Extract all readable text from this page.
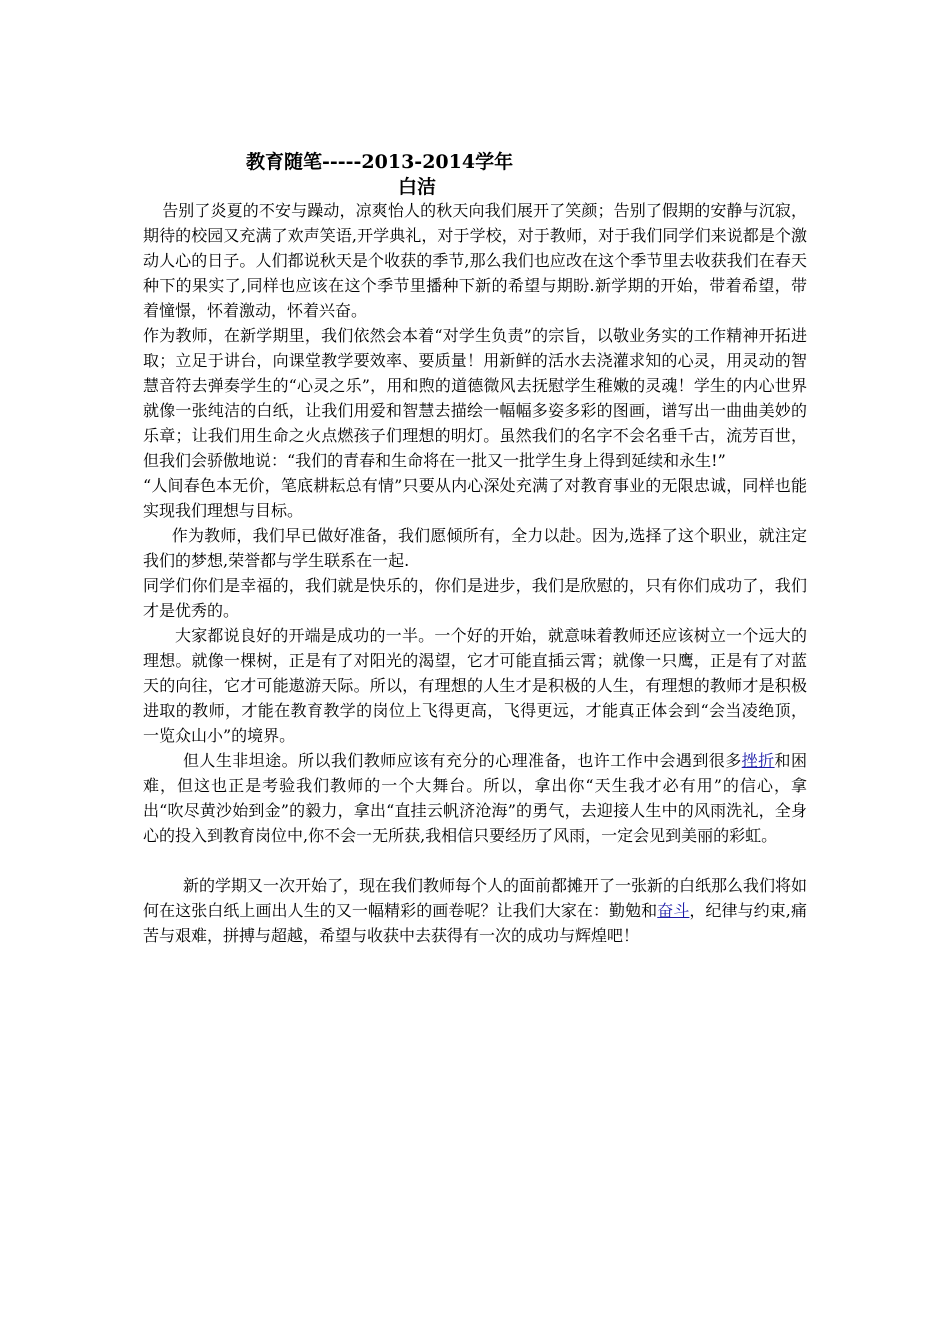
教育随笔-----2013-2014学年
白洁

告别了炎夏的不安与躁动，凉爽怡人的秋天向我们展开了笑颜；告别了假期的安静与沉寂，期待的校园又充满了欢声笑语,开学典礼，对于学校，对于教师，对于我们同学们来说都是个激动人心的日子。人们都说秋天是个收获的季节,那么我们也应改在这个季节里去收获我们在春天种下的果实了,同样也应该在这个季节里播种下新的希望与期盼.新学期的开始，带着希望，带着憧憬，怀着激动，怀着兴奋。

作为教师，在新学期里，我们依然会本着“对学生负责”的宗旨，以敬业务实的工作精神开拓进取；立足于讲台，向课堂教学要效率、要质量！用新鲜的活水去浇灌求知的心灵，用灵动的智慧音符去弹奏学生的“心灵之乐”，用和煦的道德微风去抚慰学生稚嫩的灵魂！学生的内心世界就像一张纯洁的白纸，让我们用爱和智慧去描绘一幅幅多姿多彩的图画，谱写出一曲曲美妙的乐章；让我们用生命之火点燃孩子们理想的明灯。虽然我们的名字不会名垂千古，流芳百世，但我们会骄傲地说：“我们的青春和生命将在一批又一批学生身上得到延续和永生!”

“人间春色本无价，笔底耕耘总有情”只要从内心深处充满了对教育事业的无限忠诚，同样也能实现我们理想与目标。

作为教师，我们早已做好准备，我们愿倾所有，全力以赴。因为,选择了这个职业，就注定我们的梦想,荣誉都与学生联系在一起.

同学们你们是幸福的，我们就是快乐的，你们是进步，我们是欣慰的，只有你们成功了，我们才是优秀的。

大家都说良好的开端是成功的一半。一个好的开始，就意味着教师还应该树立一个远大的理想。就像一棵树，正是有了对阳光的渴望，它才可能直插云霄；就像一只鹰，正是有了对蓝天的向往，它才可能遨游天际。所以，有理想的人生才是积极的人生，有理想的教师才是积极进取的教师，才能在教育教学的岗位上飞得更高，飞得更远，才能真正体会到“会当凌绝顶，一览众山小”的境界。

但人生非坦途。所以我们教师应该有充分的心理准备，也许工作中会遇到很多挫折和困难，但这也正是考验我们教师的一个大舞台。所以，拿出你“天生我才必有用”的信心，拿出“吹尽黄沙始到金”的毅力，拿出“直挂云帆济沧海”的勇气，去迎接人生中的风雨洗礼，全身心的投入到教育岗位中,你不会一无所获,我相信只要经历了风雨，一定会见到美丽的彩虹。

新的学期又一次开始了，现在我们教师每个人的面前都摊开了一张新的白纸那么我们将如何在这张白纸上画出人生的又一幅精彩的画卷呢？让我们大家在：勤勉和奋斗，纪律与约束,痛苦与艰难，拼搏与超越，希望与收获中去获得有一次的成功与辉煌吧！
